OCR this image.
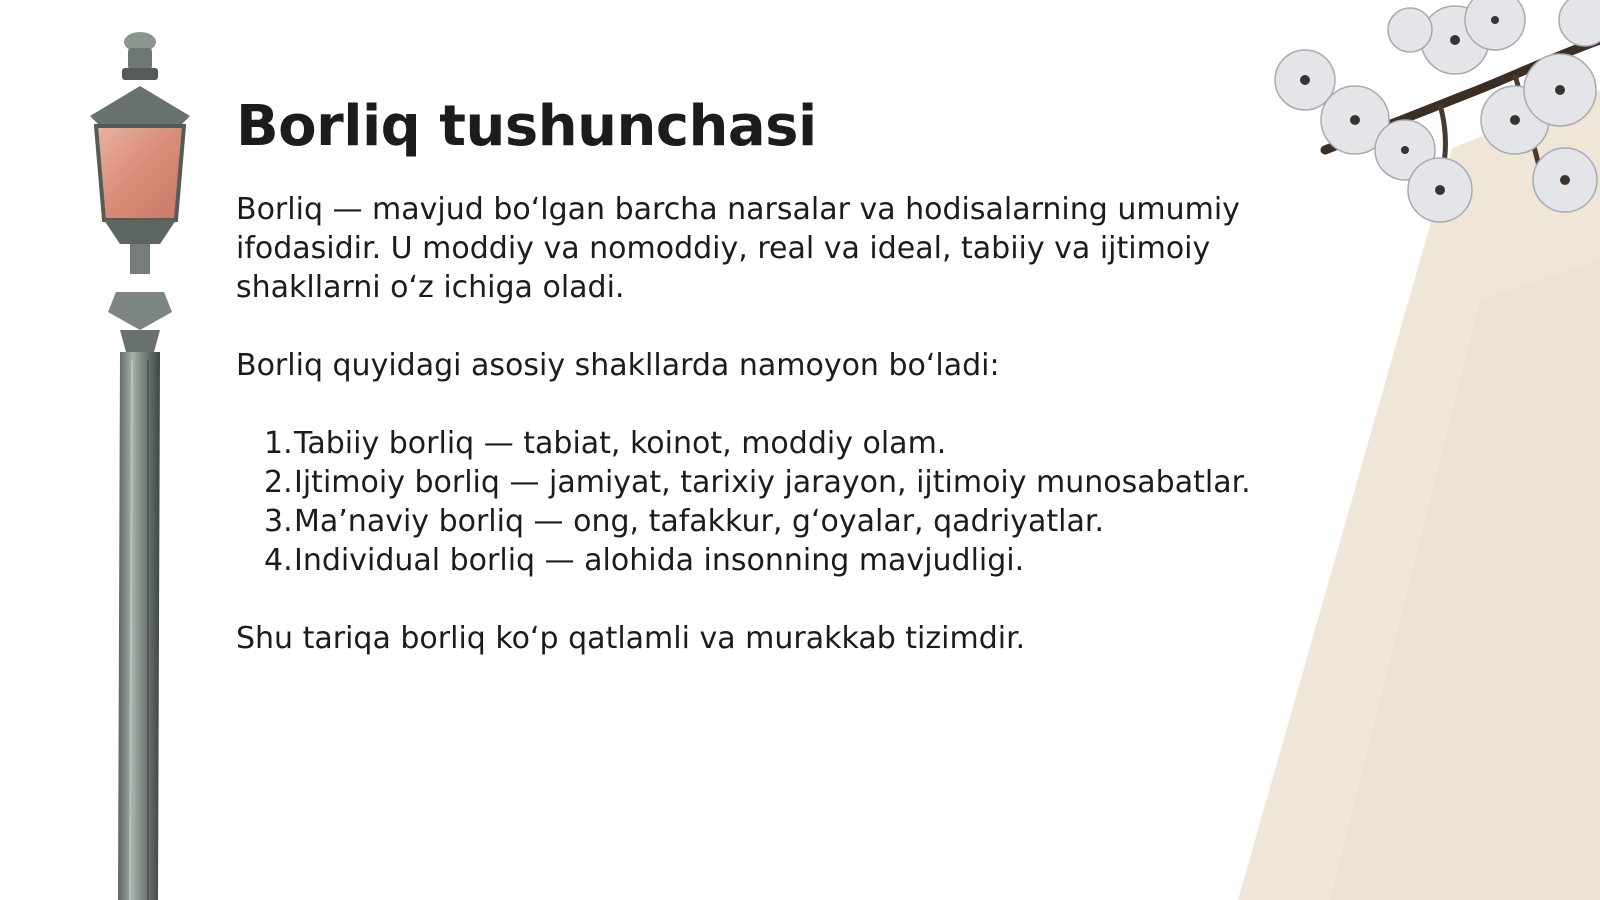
Borliq tushunchasi

Borliq — mavjud bo‘lgan barcha narsalar va hodisalarning umumiy ifodasidir. U moddiy va nomoddiy, real va ideal, tabiiy va ijtimoiy shakllarni o‘z ichiga oladi.

Borliq quyidagi asosiy shakllarda namoyon bo‘ladi:

1. Tabiiy borliq — tabiat, koinot, moddiy olam.
2. Ijtimoiy borliq — jamiyat, tarixiy jarayon, ijtimoiy munosabatlar.
3. Ma’naviy borliq — ong, tafakkur, g‘oyalar, qadriyatlar.
4. Individual borliq — alohida insonning mavjudligi.

Shu tariqa borliq ko‘p qatlamli va murakkab tizimdir.
